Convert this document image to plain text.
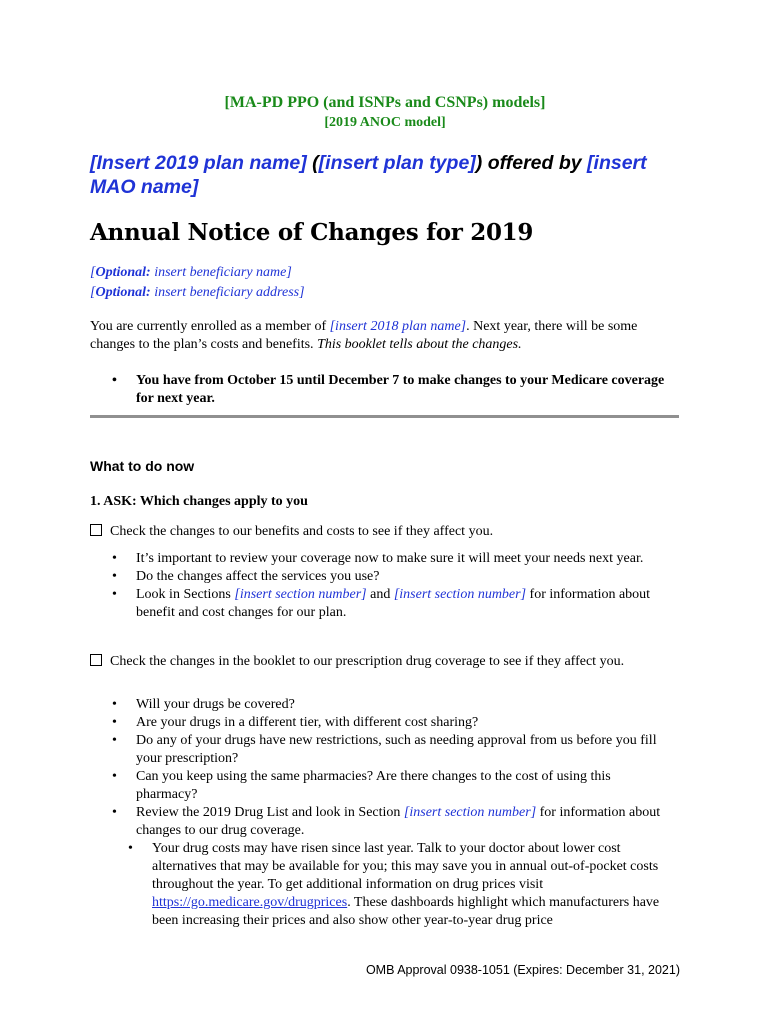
[MA-PD PPO (and ISNPs and CSNPs) models]
[2019 ANOC model]
[Insert 2019 plan name] ([insert plan type]) offered by [insert MAO name]
Annual Notice of Changes for 2019
[Optional: insert beneficiary name]
[Optional: insert beneficiary address]
You are currently enrolled as a member of [insert 2018 plan name]. Next year, there will be some changes to the plan’s costs and benefits. This booklet tells about the changes.
• You have from October 15 until December 7 to make changes to your Medicare coverage for next year.
What to do now
1. ASK: Which changes apply to you
Check the changes to our benefits and costs to see if they affect you.
• It’s important to review your coverage now to make sure it will meet your needs next year.
• Do the changes affect the services you use?
• Look in Sections [insert section number] and [insert section number] for information about benefit and cost changes for our plan.
Check the changes in the booklet to our prescription drug coverage to see if they affect you.
• Will your drugs be covered?
• Are your drugs in a different tier, with different cost sharing?
• Do any of your drugs have new restrictions, such as needing approval from us before you fill your prescription?
• Can you keep using the same pharmacies? Are there changes to the cost of using this pharmacy?
• Review the 2019 Drug List and look in Section [insert section number] for information about changes to our drug coverage.
• Your drug costs may have risen since last year. Talk to your doctor about lower cost alternatives that may be available for you; this may save you in annual out-of-pocket costs throughout the year. To get additional information on drug prices visit https://go.medicare.gov/drugprices. These dashboards highlight which manufacturers have been increasing their prices and also show other year-to-year drug price
OMB Approval 0938-1051 (Expires: December 31, 2021)
